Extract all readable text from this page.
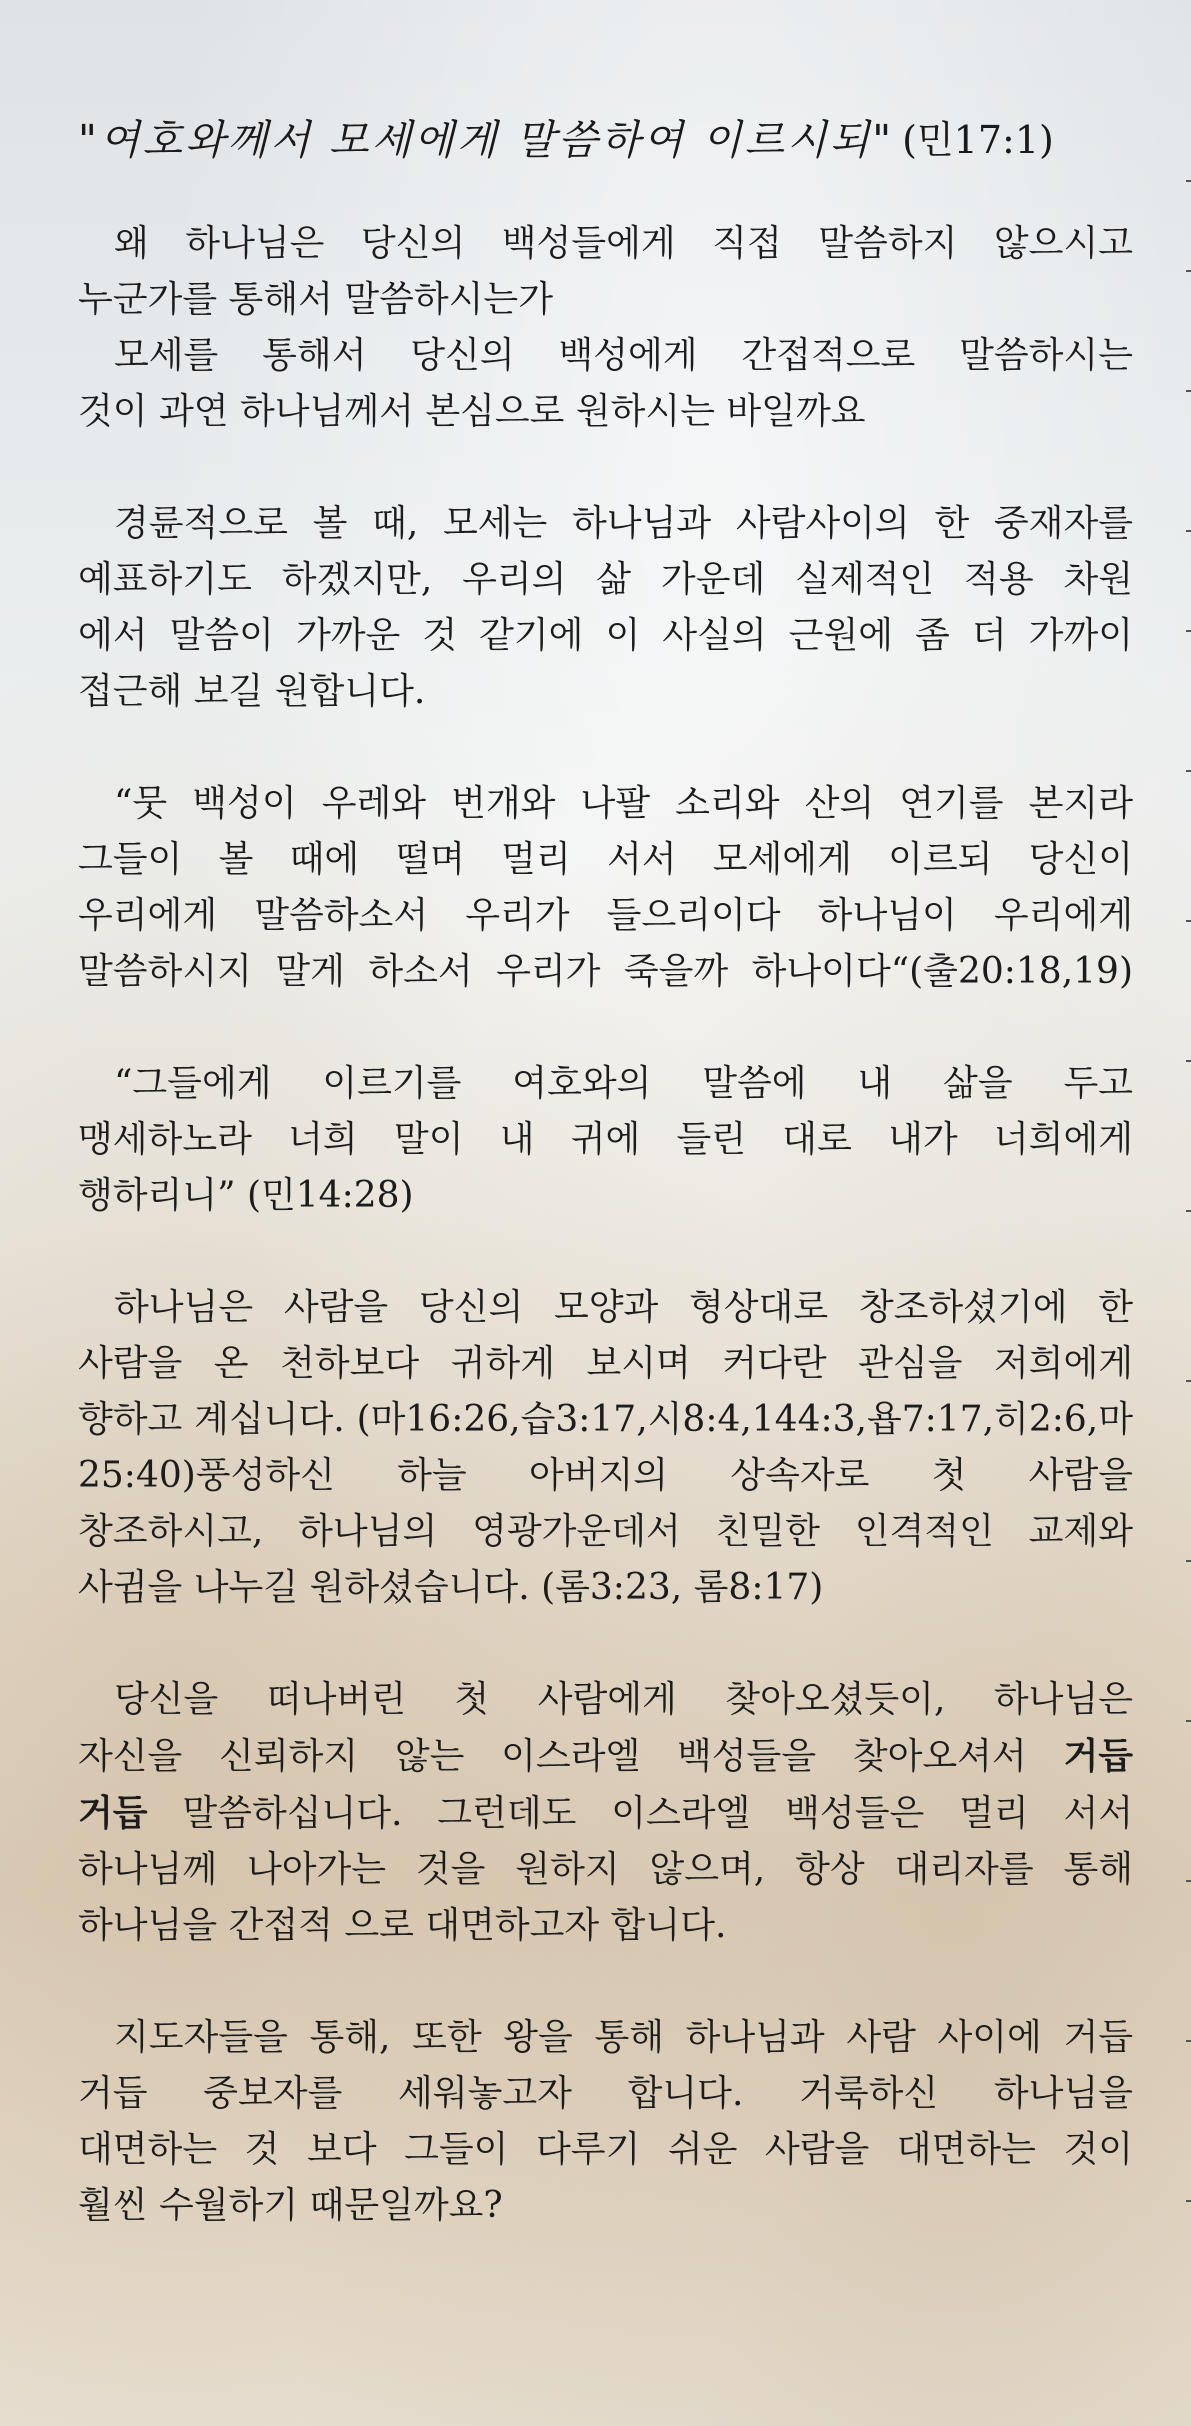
"여호와께서 모세에게 말씀하여 이르시되" (민17:1)
왜 하나님은 당신의 백성들에게 직접 말씀하지 않으시고
누군가를 통해서 말씀하시는가
모세를 통해서 당신의 백성에게 간접적으로 말씀하시는
것이 과연 하나님께서 본심으로 원하시는 바일까요
경륜적으로 볼 때, 모세는 하나님과 사람사이의 한 중재자를
예표하기도 하겠지만, 우리의 삶 가운데 실제적인 적용 차원
에서 말씀이 가까운 것 같기에 이 사실의 근원에 좀 더 가까이
접근해 보길 원합니다.
“뭇 백성이 우레와 번개와 나팔 소리와 산의 연기를 본지라
그들이 볼 때에 떨며 멀리 서서 모세에게 이르되 당신이
우리에게 말씀하소서 우리가 들으리이다 하나님이 우리에게
말씀하시지 말게 하소서 우리가 죽을까 하나이다“(출20:18,19)
“그들에게 이르기를 여호와의 말씀에 내 삶을 두고
맹세하노라 너희 말이 내 귀에 들린 대로 내가 너희에게
행하리니” (민14:28)
하나님은 사람을 당신의 모양과 형상대로 창조하셨기에 한
사람을 온 천하보다 귀하게 보시며 커다란 관심을 저희에게
향하고 계십니다. (마16:26,습3:17,시8:4,144:3,욥7:17,히2:6,마
25:40)풍성하신 하늘 아버지의 상속자로 첫 사람을
창조하시고, 하나님의 영광가운데서 친밀한 인격적인 교제와
사귐을 나누길 원하셨습니다. (롬3:23, 롬8:17)
당신을 떠나버린 첫 사람에게 찾아오셨듯이, 하나님은
자신을 신뢰하지 않는 이스라엘 백성들을 찾아오셔서 거듭
거듭 말씀하십니다. 그런데도 이스라엘 백성들은 멀리 서서
하나님께 나아가는 것을 원하지 않으며, 항상 대리자를 통해
하나님을 간접적 으로 대면하고자 합니다.
지도자들을 통해, 또한 왕을 통해 하나님과 사람 사이에 거듭
거듭 중보자를 세워놓고자 합니다. 거룩하신 하나님을
대면하는 것 보다 그들이 다루기 쉬운 사람을 대면하는 것이
훨씬 수월하기 때문일까요?
